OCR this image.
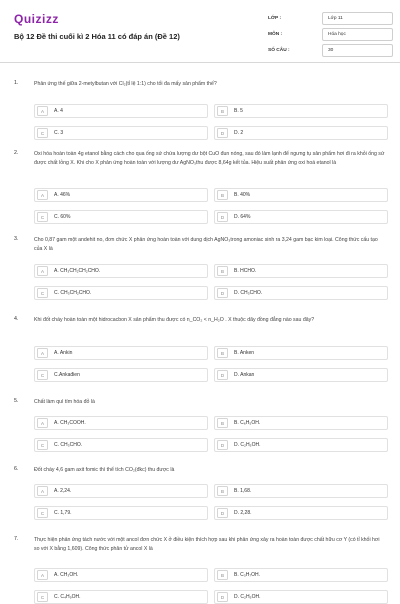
Quizizz
Bộ 12 Đề thi cuối kì 2 Hóa 11 có đáp án (Đề 12)
LỚP :	Lớp 11
MÔN :	Hóa học
SỐ CÂU :	30
1.	Phản ứng thế giữa 2-metylbutan với Cl₂(tỉ lệ 1:1) cho tối đa mấy sản phẩm thế?
A	A. 4	B	B. 5
C	C. 3	D	D. 2
2.	Oxi hóa hoàn toàn 4g etanol bằng cách cho qua ống sứ chứa lượng dư bột CuO đun nóng, sau đó làm lạnh để ngưng tụ sản phẩm hơi đi ra khỏi ống sứ được chất lỏng X. Khi cho X phản ứng hoàn toàn với lượng dư AgNO₃thu được 8,64g kết tủa. Hiệu suất phản ứng oxi hoá etanol là
A	A. 46%	B	B. 40%
C	C. 60%	D	D. 64%
3.	Cho 0,87 gam một andehit no, đơn chức X phản ứng hoàn toàn với dung dịch AgNO₃trong amoniac sinh ra 3,24 gam bạc kim loại. Công thức cấu tạo của X là
A	A. CH₃CH₂CH₂CHO.	B	B. HCHO.
C	C. CH₃CH₂CHO.	D	D. CH₃CHO.
4.	Khi đốt cháy hoàn toàn một hidrocacbon X sản phẩm thu được có n_CO₂ < n_H₂O . X thuộc dãy đồng đẳng nào sau đây?
A	A. Ankin	B	B. Anken
C	C.Ankađien	D	D. Ankan
5.	Chất làm quì tím hóa đỏ là
A	A. CH₃COOH.	B	B. C₆H₅OH.
C	C. CH₃CHO.	D	D. C₂H₅OH.
6.	Đốt cháy 4,6 gam axit fomic thì thể tích CO₂(đkc) thu được là
A	A. 2,24.	B	B. 1,68.
C	C. 1,79.	D	D. 2,28.
7.	Thực hiện phản ứng tách nước với một ancol đơn chức X ở điều kiện thích hợp sau khi phản ứng xảy ra hoàn toàn được chất hữu cơ Y (có tỉ khối hơi so với X bằng 1,609). Công thức phân tử ancol X là
A	A. CH₃OH.	B	B. C₃H₇OH.
C	C. C₄H₉OH.	D	D. C₂H₅OH.
